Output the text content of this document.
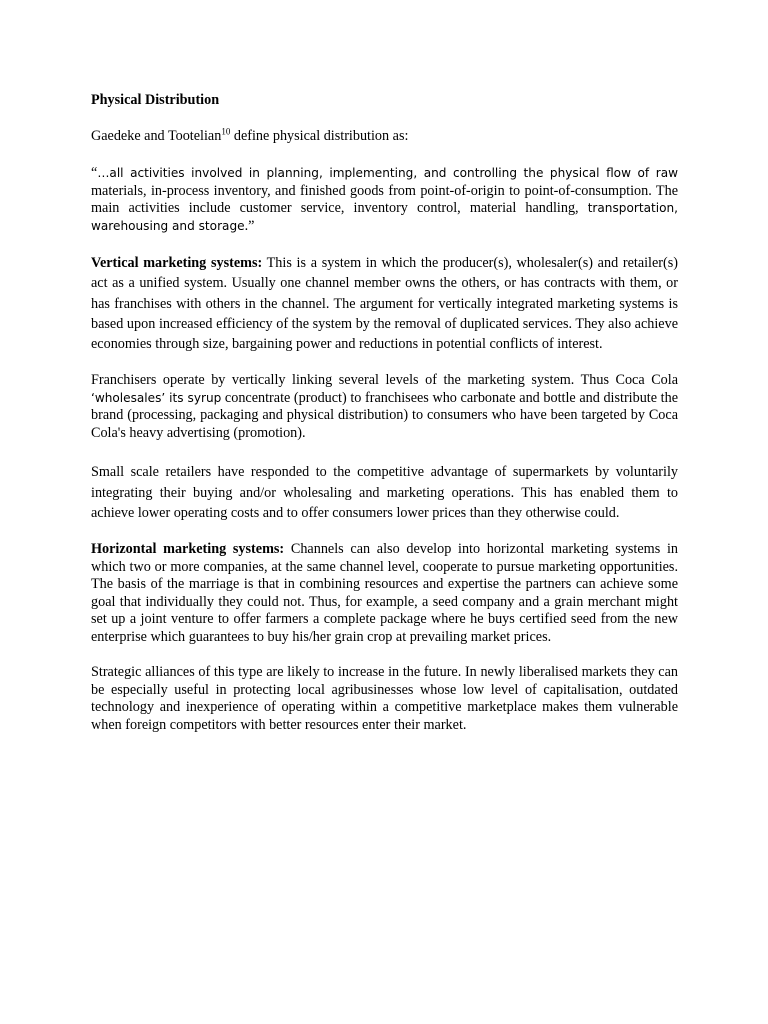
Physical Distribution
Gaedeke and Tootelian$^{10}$ define physical distribution as:
“…all activities involved in planning, implementing, and controlling the physical flow of raw materials, in-process inventory, and finished goods from point-of-origin to point-of-consumption. The main activities include customer service, inventory control, material handling, transportation, warehousing and storage.”
Vertical marketing systems: This is a system in which the producer(s), wholesaler(s) and retailer(s) act as a unified system. Usually one channel member owns the others, or has contracts with them, or has franchises with others in the channel. The argument for vertically integrated marketing systems is based upon increased efficiency of the system by the removal of duplicated services. They also achieve economies through size, bargaining power and reductions in potential conflicts of interest.
Franchisers operate by vertically linking several levels of the marketing system. Thus Coca Cola ‘wholesales’ its syrup concentrate (product) to franchisees who carbonate and bottle and distribute the brand (processing, packaging and physical distribution) to consumers who have been targeted by Coca Cola's heavy advertising (promotion).
Small scale retailers have responded to the competitive advantage of supermarkets by voluntarily integrating their buying and/or wholesaling and marketing operations. This has enabled them to achieve lower operating costs and to offer consumers lower prices than they otherwise could.
Horizontal marketing systems: Channels can also develop into horizontal marketing systems in which two or more companies, at the same channel level, cooperate to pursue marketing opportunities. The basis of the marriage is that in combining resources and expertise the partners can achieve some goal that individually they could not. Thus, for example, a seed company and a grain merchant might set up a joint venture to offer farmers a complete package where he buys certified seed from the new enterprise which guarantees to buy his/her grain crop at prevailing market prices.
Strategic alliances of this type are likely to increase in the future. In newly liberalised markets they can be especially useful in protecting local agribusinesses whose low level of capitalisation, outdated technology and inexperience of operating within a competitive marketplace makes them vulnerable when foreign competitors with better resources enter their market.
